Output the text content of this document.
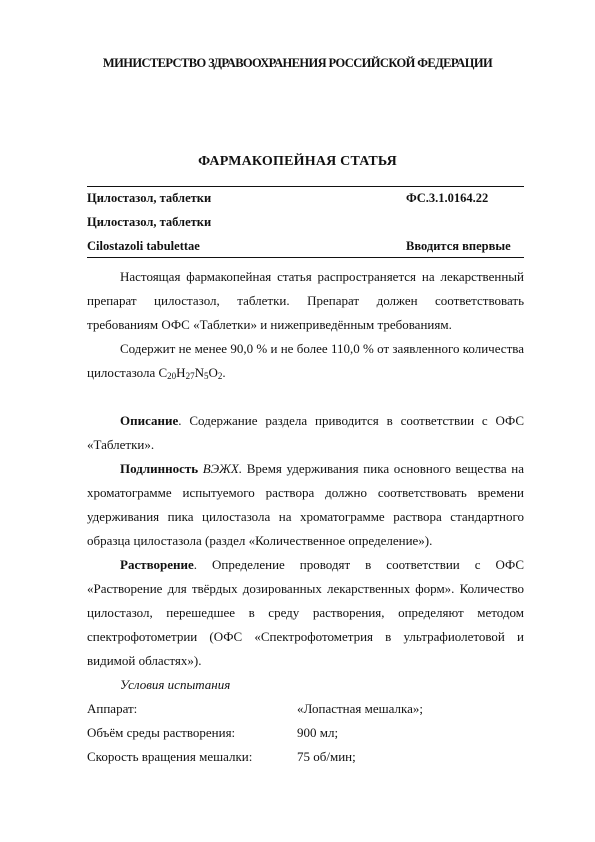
МИНИСТЕРСТВО ЗДРАВООХРАНЕНИЯ РОССИЙСКОЙ ФЕДЕРАЦИИ
ФАРМАКОПЕЙНАЯ СТАТЬЯ
Цилостазол, таблетки	ФС.3.1.0164.22
Цилостазол, таблетки
Cilostazoli tabulettae	Вводится впервые

Настоящая фармакопейная статья распространяется на лекарственный препарат цилостазол, таблетки. Препарат должен соответствовать требованиям ОФС «Таблетки» и нижеприведённым требованиям.

Содержит не менее 90,0 % и не более 110,0 % от заявленного количества цилостазола $C_{20}H_{27}N_5O_2$.

Описание. Содержание раздела приводится в соответствии с ОФС «Таблетки».

Подлинность ВЭЖХ. Время удерживания пика основного вещества на хроматограмме испытуемого раствора должно соответствовать времени удерживания пика цилостазола на хроматограмме раствора стандартного образца цилостазола (раздел «Количественное определение»).

Растворение. Определение проводят в соответствии с ОФС «Растворение для твёрдых дозированных лекарственных форм». Количество цилостазол, перешедшее в среду растворения, определяют методом спектрофотометрии (ОФС «Спектрофотометрия в ультрафиолетовой и видимой областях»).

Условия испытания

Аппарат:	«Лопастная мешалка»;
Объём среды растворения:	900 мл;
Скорость вращения мешалки:	75 об/мин;
